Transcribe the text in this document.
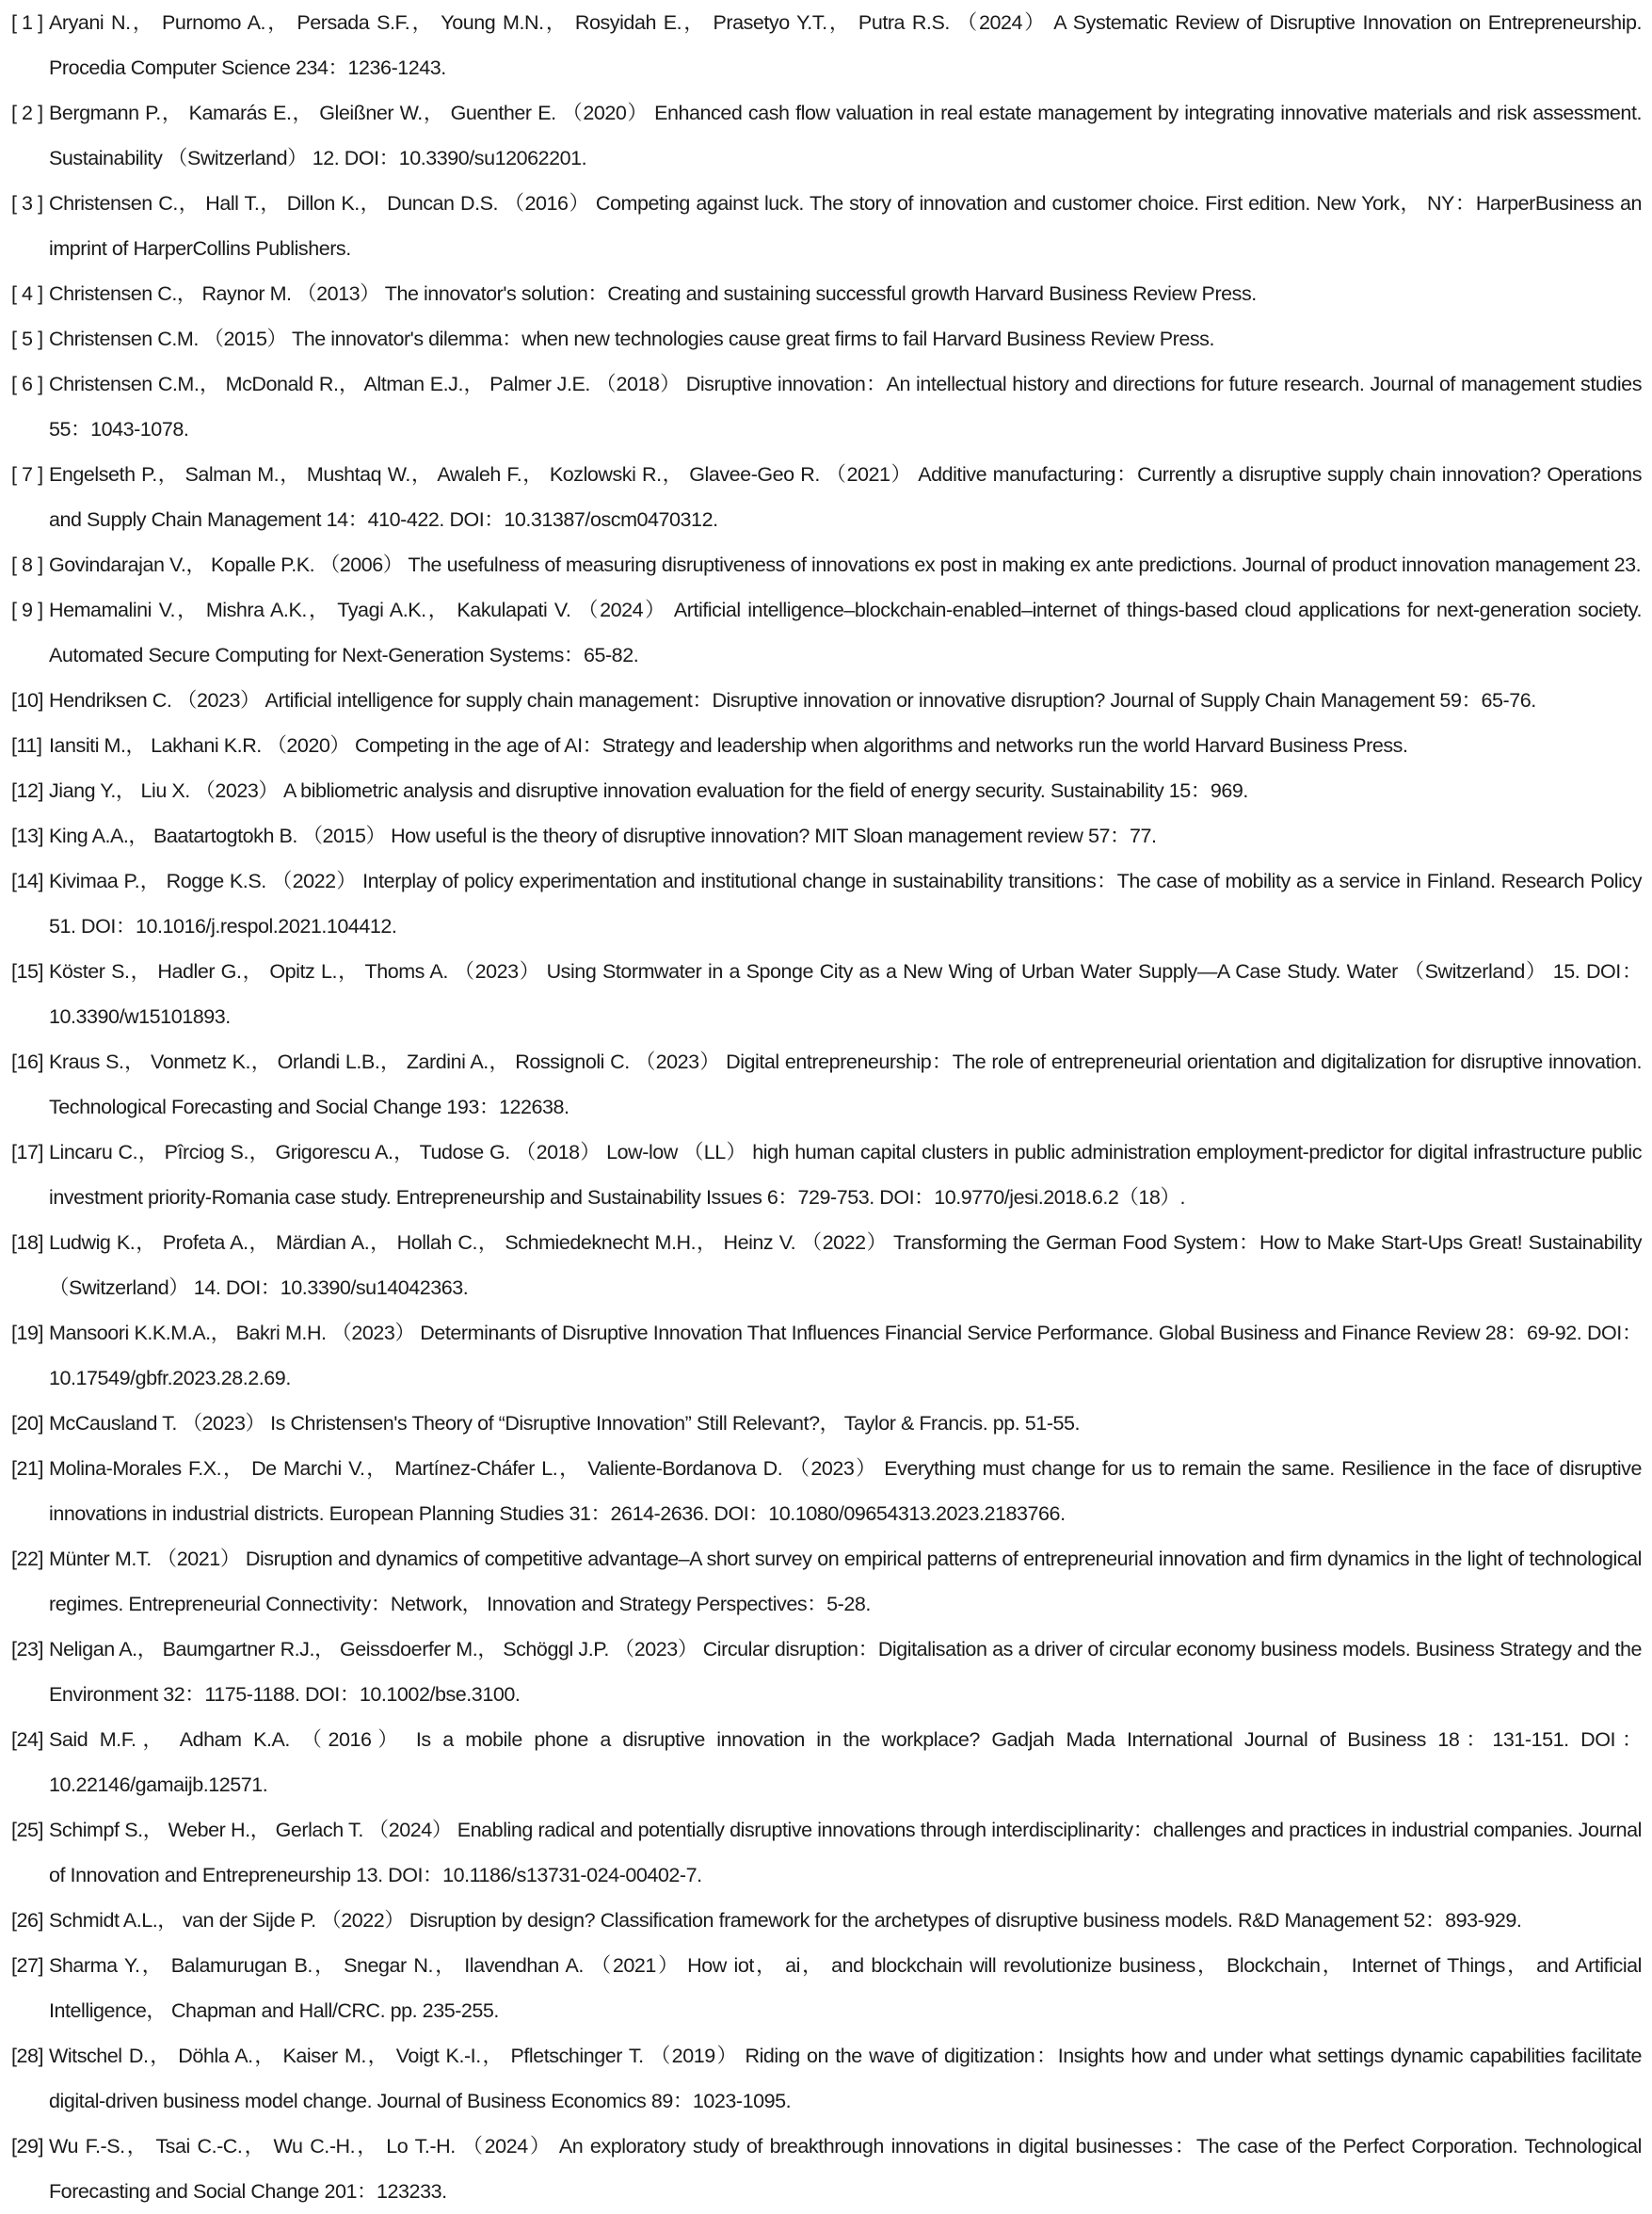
[ 1 ] Aryani N.， Purnomo A.， Persada S.F.， Young M.N.， Rosyidah E.， Prasetyo Y.T.， Putra R.S. （2024） A Systematic Review of Disruptive Innovation on Entrepreneurship. Procedia Computer Science 234：1236-1243.
[ 2 ] Bergmann P.， Kamarás E.， Gleißner W.， Guenther E. （2020） Enhanced cash flow valuation in real estate management by integrating innovative materials and risk assessment. Sustainability （Switzerland） 12. DOI：10.3390/su12062201.
[ 3 ] Christensen C.， Hall T.， Dillon K.， Duncan D.S. （2016） Competing against luck. The story of innovation and customer choice. First edition. New York， NY：HarperBusiness an imprint of HarperCollins Publishers.
[ 4 ] Christensen C.， Raynor M. （2013） The innovator's solution：Creating and sustaining successful growth Harvard Business Review Press.
[ 5 ] Christensen C.M. （2015） The innovator's dilemma：when new technologies cause great firms to fail Harvard Business Review Press.
[ 6 ] Christensen C.M.， McDonald R.， Altman E.J.， Palmer J.E. （2018） Disruptive innovation：An intellectual history and directions for future research. Journal of management studies 55：1043-1078.
[ 7 ] Engelseth P.， Salman M.， Mushtaq W.， Awaleh F.， Kozlowski R.， Glavee-Geo R. （2021） Additive manufacturing：Currently a disruptive supply chain innovation? Operations and Supply Chain Management 14：410-422. DOI：10.31387/oscm0470312.
[ 8 ] Govindarajan V.， Kopalle P.K. （2006） The usefulness of measuring disruptiveness of innovations ex post in making ex ante predictions. Journal of product innovation management 23.
[ 9 ] Hemamalini V.， Mishra A.K.， Tyagi A.K.， Kakulapati V. （2024） Artificial intelligence–blockchain‐enabled–internet of things‐based cloud applications for next‐generation society. Automated Secure Computing for Next‐Generation Systems：65-82.
[10] Hendriksen C. （2023） Artificial intelligence for supply chain management：Disruptive innovation or innovative disruption? Journal of Supply Chain Management 59：65-76.
[11] Iansiti M.， Lakhani K.R. （2020） Competing in the age of AI：Strategy and leadership when algorithms and networks run the world Harvard Business Press.
[12] Jiang Y.， Liu X. （2023） A bibliometric analysis and disruptive innovation evaluation for the field of energy security. Sustainability 15：969.
[13] King A.A.， Baatartogtokh B. （2015） How useful is the theory of disruptive innovation? MIT Sloan management review 57：77.
[14] Kivimaa P.， Rogge K.S. （2022） Interplay of policy experimentation and institutional change in sustainability transitions：The case of mobility as a service in Finland. Research Policy 51. DOI：10.1016/j.respol.2021.104412.
[15] Köster S.， Hadler G.， Opitz L.， Thoms A. （2023） Using Stormwater in a Sponge City as a New Wing of Urban Water Supply—A Case Study. Water （Switzerland） 15. DOI：10.3390/w15101893.
[16] Kraus S.， Vonmetz K.， Orlandi L.B.， Zardini A.， Rossignoli C. （2023） Digital entrepreneurship：The role of entrepreneurial orientation and digitalization for disruptive innovation. Technological Forecasting and Social Change 193：122638.
[17] Lincaru C.， Pîrciog S.， Grigorescu A.， Tudose G. （2018） Low-low （LL） high human capital clusters in public administration employment-predictor for digital infrastructure public investment priority-Romania case study. Entrepreneurship and Sustainability Issues 6：729-753. DOI：10.9770/jesi.2018.6.2（18）.
[18] Ludwig K.， Profeta A.， Märdian A.， Hollah C.， Schmiedeknecht M.H.， Heinz V. （2022） Transforming the German Food System：How to Make Start-Ups Great! Sustainability （Switzerland） 14. DOI：10.3390/su14042363.
[19] Mansoori K.K.M.A.， Bakri M.H. （2023） Determinants of Disruptive Innovation That Influences Financial Service Performance. Global Business and Finance Review 28：69-92. DOI：10.17549/gbfr.2023.28.2.69.
[20] McCausland T. （2023） Is Christensen's Theory of “Disruptive Innovation” Still Relevant?， Taylor & Francis. pp. 51-55.
[21] Molina-Morales F.X.， De Marchi V.， Martínez-Cháfer L.， Valiente-Bordanova D. （2023） Everything must change for us to remain the same. Resilience in the face of disruptive innovations in industrial districts. European Planning Studies 31：2614-2636. DOI：10.1080/09654313.2023.2183766.
[22] Münter M.T. （2021） Disruption and dynamics of competitive advantage–A short survey on empirical patterns of entrepreneurial innovation and firm dynamics in the light of technological regimes. Entrepreneurial Connectivity：Network， Innovation and Strategy Perspectives：5-28.
[23] Neligan A.， Baumgartner R.J.， Geissdoerfer M.， Schöggl J.P. （2023） Circular disruption：Digitalisation as a driver of circular economy business models. Business Strategy and the Environment 32：1175-1188. DOI：10.1002/bse.3100.
[24] Said M.F.， Adham K.A. （2016） Is a mobile phone a disruptive innovation in the workplace? Gadjah Mada International Journal of Business 18：131-151. DOI：10.22146/gamaijb.12571.
[25] Schimpf S.， Weber H.， Gerlach T. （2024） Enabling radical and potentially disruptive innovations through interdisciplinarity：challenges and practices in industrial companies. Journal of Innovation and Entrepreneurship 13. DOI：10.1186/s13731-024-00402-7.
[26] Schmidt A.L.， van der Sijde P. （2022） Disruption by design? Classification framework for the archetypes of disruptive business models. R&D Management 52：893-929.
[27] Sharma Y.， Balamurugan B.， Snegar N.， Ilavendhan A. （2021） How iot， ai， and blockchain will revolutionize business， Blockchain， Internet of Things， and Artificial Intelligence， Chapman and Hall/CRC. pp. 235-255.
[28] Witschel D.， Döhla A.， Kaiser M.， Voigt K.-I.， Pfletschinger T. （2019） Riding on the wave of digitization：Insights how and under what settings dynamic capabilities facilitate digital-driven business model change. Journal of Business Economics 89：1023-1095.
[29] Wu F.-S.， Tsai C.-C.， Wu C.-H.， Lo T.-H. （2024） An exploratory study of breakthrough innovations in digital businesses：The case of the Perfect Corporation. Technological Forecasting and Social Change 201：123233.
